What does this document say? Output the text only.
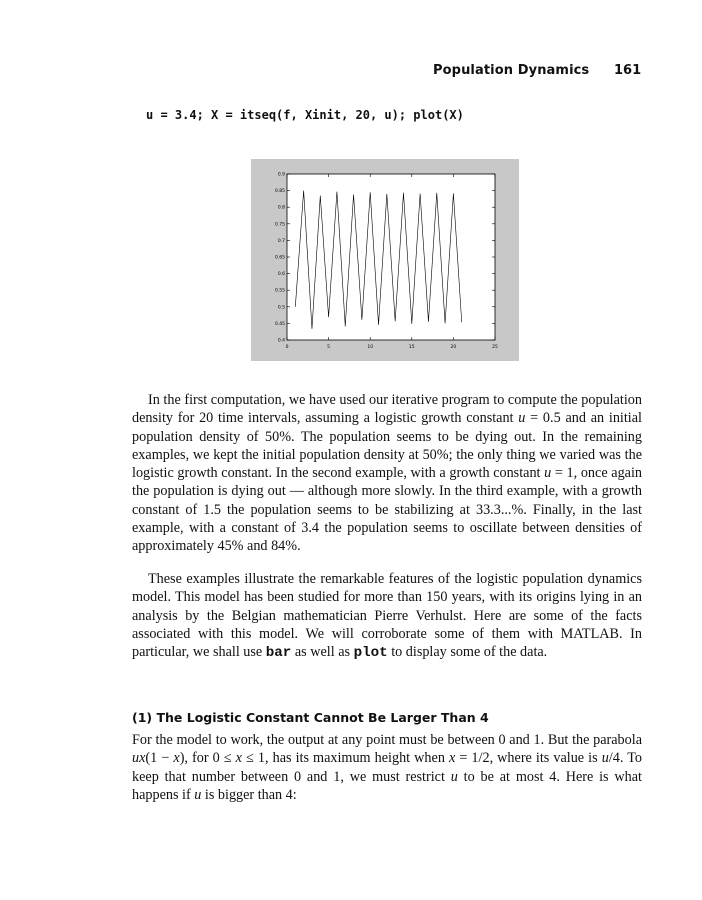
Population Dynamics 161
u = 3.4; X = itseq(f, Xinit, 20, u); plot(X)
0	5	10	15	20	25
0.4
0.45
0.5
0.55
0.6
0.65
0.7
0.75
0.8
0.85
0.9

In the first computation, we have used our iterative program to compute the population density for 20 time intervals, assuming a logistic growth constant u = 0.5 and an initial population density of 50%. The population seems to be dying out. In the remaining examples, we kept the initial population density at 50%; the only thing we varied was the logistic growth constant. In the second example, with a growth constant u = 1, once again the population is dying out — although more slowly. In the third example, with a growth constant of 1.5 the population seems to be stabilizing at 33.3...%. Finally, in the last example, with a constant of 3.4 the population seems to oscillate between densities of approximately 45% and 84%.

These examples illustrate the remarkable features of the logistic population dynamics model. This model has been studied for more than 150 years, with its origins lying in an analysis by the Belgian mathematician Pierre Verhulst. Here are some of the facts associated with this model. We will corroborate some of them with MATLAB. In particular, we shall use bar as well as plot to display some of the data.

(1) The Logistic Constant Cannot Be Larger Than 4

For the model to work, the output at any point must be between 0 and 1. But the parabola ux(1 − x), for 0 ≤ x ≤ 1, has its maximum height when x = 1/2, where its value is u/4. To keep that number between 0 and 1, we must restrict u to be at most 4. Here is what happens if u is bigger than 4:
